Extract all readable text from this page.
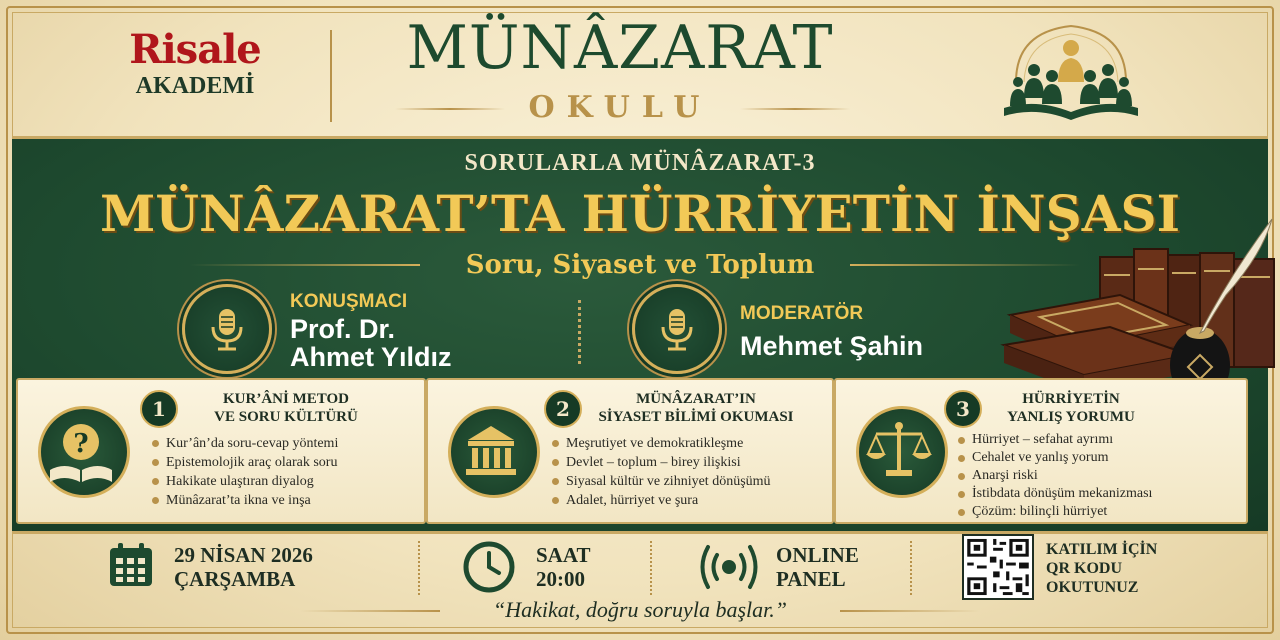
Risale
AKADEMİ
MÜNÂZARAT
OKULU
SORULARLA MÜNÂZARAT-3
MÜNÂZARAT’TA HÜRRİYETİN İNŞASI
Soru, Siyaset ve Toplum
KONUŞMACI
Prof. Dr.
Ahmet Yıldız
MODERATÖR
Mehmet Şahin
?
1	KUR’ÂNİ METOD
VE SORU KÜLTÜRÜ
Kur’ân’da soru-cevap yöntemi
Epistemolojik araç olarak soru
Hakikate ulaştıran diyalog
Münâzarat’ta ikna ve inşa
2	MÜNÂZARAT’IN
SİYASET BİLİMİ OKUMASI
Meşrutiyet ve demokratikleşme
Devlet – toplum – birey ilişkisi
Siyasal kültür ve zihniyet dönüşümü
Adalet, hürriyet ve şura
3	HÜRRİYETİN
YANLIŞ YORUMU
Hürriyet – sefahat ayrımı
Cehalet ve yanlış yorum
Anarşi riski
İstibdata dönüşüm mekanizması
Çözüm: bilinçli hürriyet
29 NİSAN 2026
ÇARŞAMBA
SAAT
20:00
ONLINE
PANEL
KATILIM İÇİN
QR KODU
OKUTUNUZ
“Hakikat, doğru soruyla başlar.”
